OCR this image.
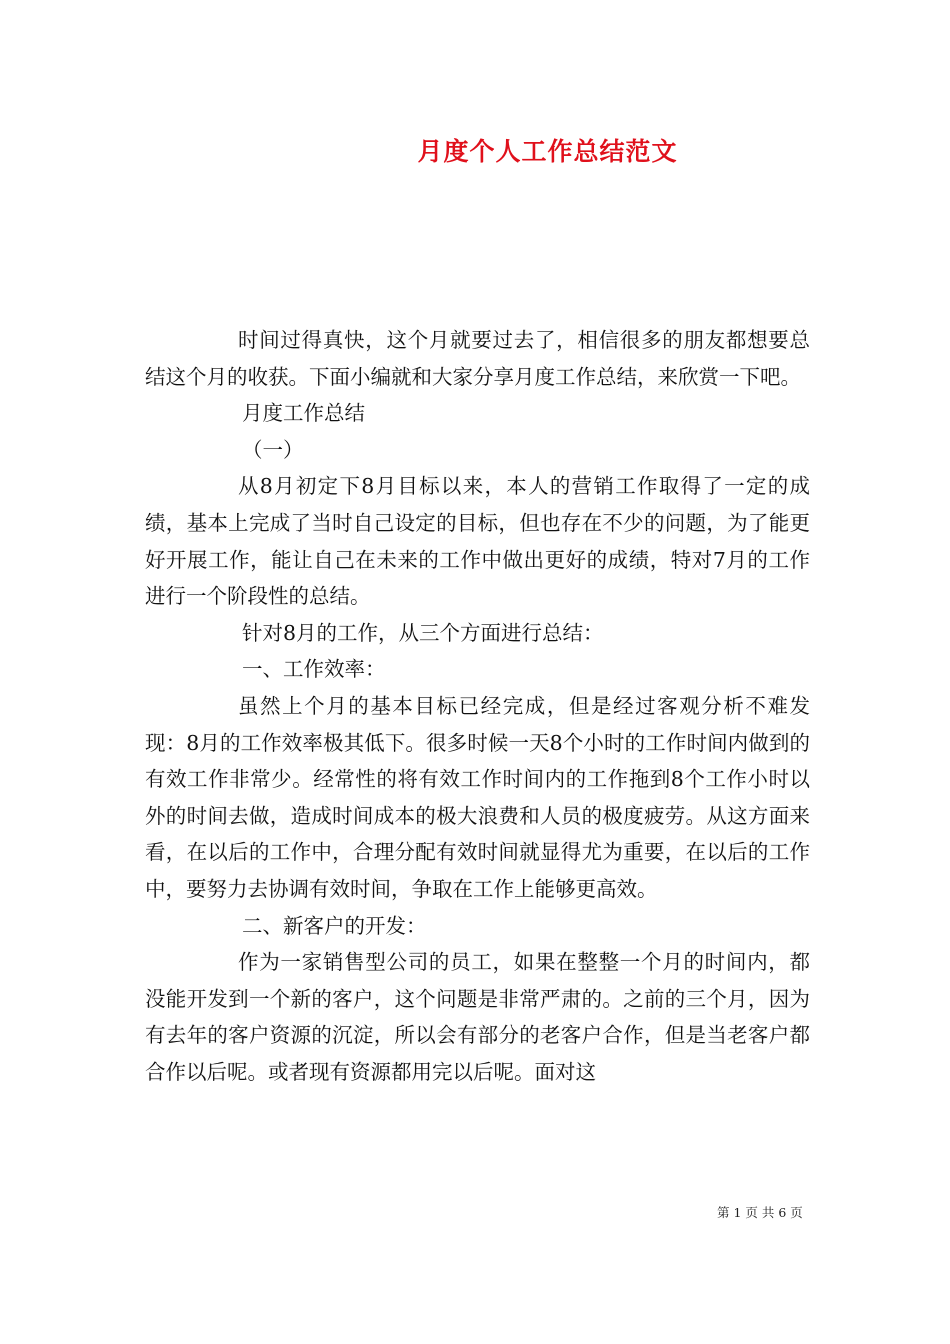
月度个人工作总结范文

时间过得真快，这个月就要过去了，相信很多的朋友都想要总结这个月的收获。下面小编就和大家分享月度工作总结，来欣赏一下吧。

月度工作总结

（一）

从8月初定下8月目标以来，本人的营销工作取得了一定的成绩，基本上完成了当时自己设定的目标，但也存在不少的问题，为了能更好开展工作，能让自己在未来的工作中做出更好的成绩，特对7月的工作进行一个阶段性的总结。

针对8月的工作，从三个方面进行总结：

一、工作效率：

虽然上个月的基本目标已经完成，但是经过客观分析不难发现：8月的工作效率极其低下。很多时候一天8个小时的工作时间内做到的有效工作非常少。经常性的将有效工作时间内的工作拖到8个工作小时以外的时间去做，造成时间成本的极大浪费和人员的极度疲劳。从这方面来看，在以后的工作中，合理分配有效时间就显得尤为重要，在以后的工作中，要努力去协调有效时间，争取在工作上能够更高效。

二、新客户的开发：

作为一家销售型公司的员工，如果在整整一个月的时间内，都没能开发到一个新的客户，这个问题是非常严肃的。之前的三个月，因为有去年的客户资源的沉淀，所以会有部分的老客户合作，但是当老客户都合作以后呢。或者现有资源都用完以后呢。面对这

第 1 页 共 6 页
